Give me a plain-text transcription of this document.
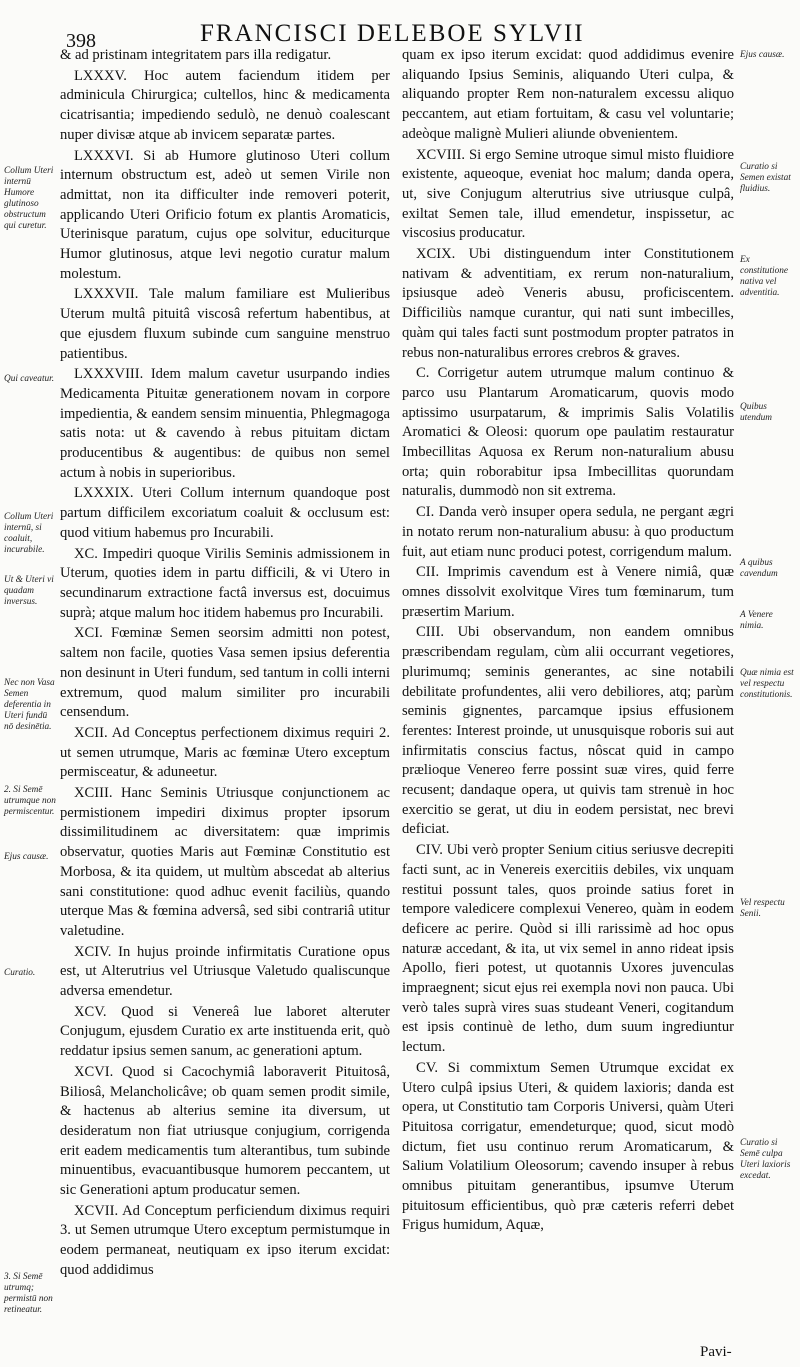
398	FRANCISCI DELEBOE SYLVII
Collum Uteri internū Humore glutinoso obstructum qui curetur.
Qui caveatur.
Collum Uteri internū, si coaluit, incurabile.
Ut & Uteri vi quadam inversus.
Nec non Vasa Semen deferentia in Uteri fundū nō desinētia.
2. Si Semē utrumque non permiscentur.
Ejus causæ.
Curatio.
3. Si Semē utrumq; permistū non retineatur.
Ejus causæ.
Curatio si Semen existat fluidius.
Ex constitutione nativa vel adventitia.
Quibus utendum
A quibus cavendum
A Venere nimia.
Quæ nimia est vel respectu constitutionis.
Vel respectu Senii.
Curatio si Semē culpa Uteri laxioris excedat.

& ad pristinam integritatem pars illa redigatur.

LXXXV. Hoc autem faciendum itidem per adminicula Chirurgica; cultellos, hinc & medicamenta cicatrisantia; impediendo sedulò, ne denuò coalescant nuper divisæ atque ab invicem separatæ partes.

LXXXVI. Si ab Humore glutinoso Uteri collum internum obstructum est, adeò ut semen Virile non admittat, non ita difficulter inde removeri poterit, applicando Uteri Orificio fotum ex plantis Aromaticis, Uterinisque paratum, cujus ope solvitur, educiturque Humor glutinosus, atque levi negotio curatur malum molestum.

LXXXVII. Tale malum familiare est Mulieribus Uterum multâ pituitâ viscosâ refertum habentibus, at que ejusdem fluxum subinde cum sanguine menstruo patientibus.

LXXXVIII. Idem malum cavetur usurpando indies Medicamenta Pituitæ generationem novam in corpore impedientia, & eandem sensim minuentia, Phlegmagoga satis nota: ut & cavendo à rebus pituitam dictam producentibus & augentibus: de quibus non semel actum à nobis in superioribus.

LXXXIX. Uteri Collum internum quandoque post partum difficilem excoriatum coaluit & occlusum est: quod vitium habemus pro Incurabili.

XC. Impediri quoque Virilis Seminis admissionem in Uterum, quoties idem in partu difficili, & vi Utero in secundinarum extractione factâ inversus est, docuimus suprà; atque malum hoc itidem habemus pro Incurabili.

XCI. Fœminæ Semen seorsim admitti non potest, saltem non facile, quoties Vasa semen ipsius deferentia non desinunt in Uteri fundum, sed tantum in colli interni extremum, quod malum similiter pro incurabili censendum.

XCII. Ad Conceptus perfectionem diximus requiri 2. ut semen utrumque, Maris ac fœminæ Utero exceptum permisceatur, & aduneetur.

XCIII. Hanc Seminis Utriusque conjunctionem ac permistionem impediri diximus propter ipsorum dissimilitudinem ac diversitatem: quæ imprimis observatur, quoties Maris aut Fœminæ Constitutio est Morbosa, & ita quidem, ut multùm abscedat ab alterius sani constitutione: quod adhuc evenit faciliùs, quando uterque Mas & fœmina adversâ, sed sibi contrariâ utitur valetudine.

XCIV. In hujus proinde infirmitatis Curatione opus est, ut Alterutrius vel Utriusque Valetudo qualiscunque adversa emendetur.

XCV. Quod si Venereâ lue laboret alteruter Conjugum, ejusdem Curatio ex arte instituenda erit, quò reddatur ipsius semen sanum, ac generationi aptum.

XCVI. Quod si Cacochymiâ laboraverit Pituitosâ, Biliosâ, Melancholicâve; ob quam semen prodit simile, & hactenus ab alterius semine ita diversum, ut desideratum non fiat utriusque conjugium, corrigenda erit eadem medicamentis tum alterantibus, tum subinde minuentibus, evacuantibusque humorem peccantem, ut sic Generationi aptum producatur semen.

XCVII. Ad Conceptum perficiendum diximus requiri 3. ut Semen utrumque Utero exceptum permistumque in eodem permaneat, neutiquam ex ipso iterum excidat: quod addidimus

quam ex ipso iterum excidat: quod addidimus evenire aliquando Ipsius Seminis, aliquando Uteri culpa, & aliquando propter Rem non-naturalem excessu aliquo peccantem, aut etiam fortuitam, & casu vel voluntarie; adeòque malignè Mulieri aliunde obvenientem.

XCVIII. Si ergo Semine utroque simul misto fluidiore existente, aqueoque, eveniat hoc malum; danda opera, ut, sive Conjugum alterutrius sive utriusque culpâ, exiltat Semen tale, illud emendetur, inspissetur, ac viscosius producatur.

XCIX. Ubi distinguendum inter Constitutionem nativam & adventitiam, ex rerum non-naturalium, ipsiusque adeò Veneris abusu, proficiscentem. Difficiliùs namque curantur, qui nati sunt imbecilles, quàm qui tales facti sunt postmodum propter patratos in rebus non-naturalibus errores crebros & graves.

C. Corrigetur autem utrumque malum continuo & parco usu Plantarum Aromaticarum, quovis modo aptissimo usurpatarum, & imprimis Salis Volatilis Aromatici & Oleosi: quorum ope paulatim restauratur Imbecillitas Aquosa ex Rerum non-naturalium abusu orta; quin roborabitur ipsa Imbecillitas quorundam naturalis, dummodò non sit extrema.

CI. Danda verò insuper opera sedula, ne pergant ægri in notato rerum non-naturalium abusu: à quo productum fuit, aut etiam nunc produci potest, corrigendum malum.

CII. Imprimis cavendum est à Venere nimiâ, quæ omnes dissolvit exolvitque Vires tum fœminarum, tum præsertim Marium.

CIII. Ubi observandum, non eandem omnibus præscribendam regulam, cùm alii occurrant vegetiores, plurimumq; seminis generantes, ac sine notabili debilitate profundentes, alii vero debiliores, atq; parùm seminis gignentes, parcamque ipsius effusionem ferentes: Interest proinde, ut unusquisque roboris sui aut infirmitatis conscius factus, nôscat quid in campo prælioque Venereo ferre possint suæ vires, quid ferre recusent; dandaque opera, ut quivis tam strenuè in hoc exercitio se gerat, ut diu in eodem persistat, nec brevi deficiat.

CIV. Ubi verò propter Senium citius seriusve decrepiti facti sunt, ac in Venereis exercitiis debiles, vix unquam restitui possunt tales, quos proinde satius foret in tempore valedicere complexui Venereo, quàm in eodem deficere ac perire. Quòd si illi rarissimè ad hoc opus naturæ accedant, & ita, ut vix semel in anno rideat ipsis Apollo, fieri potest, ut quotannis Uxores juvenculas impraegnent; sicut ejus rei exempla novi non pauca. Ubi verò tales suprà vires suas studeant Veneri, cogitandum est ipsis continuè de letho, dum suum ingrediuntur lectum.

CV. Si commixtum Semen Utrumque excidat ex Utero culpâ ipsius Uteri, & quidem laxioris; danda est opera, ut Constitutio tam Corporis Universi, quàm Uteri Pituitosa corrigatur, emendeturque; quod, sicut modò dictum, fiet usu continuo rerum Aromaticarum, & Salium Volatilium Oleosorum; cavendo insuper à rebus omnibus pituitam generantibus, ipsumve Uterum pituitosum efficientibus, quò præ cæteris referri debet Frigus humidum, Aquæ,

Pavi-
